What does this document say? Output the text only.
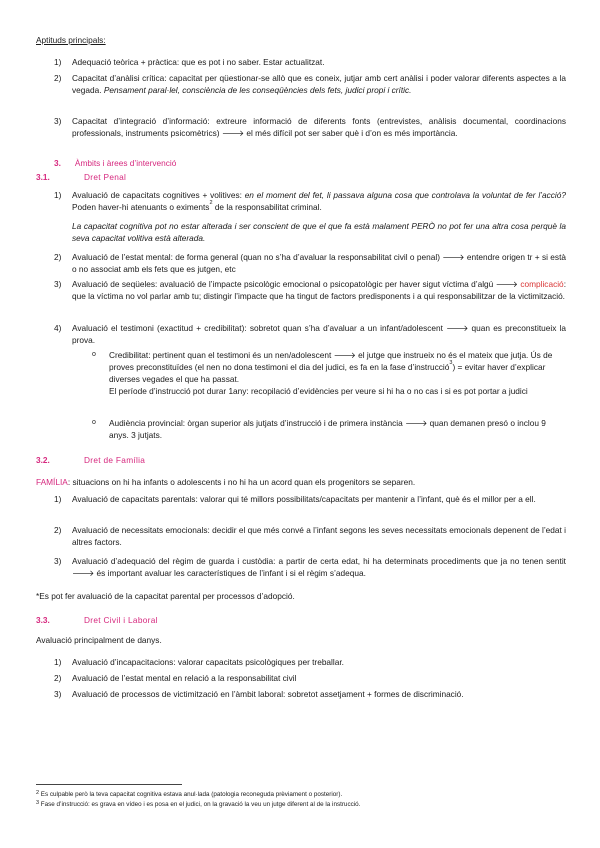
Aptituds principals:
1)	Adequació teòrica + pràctica: que es pot i no saber. Estar actualitzat.
2)	Capacitat d’anàlisi crítica: capacitat per qüestionar-se allò que es coneix, jutjar amb cert anàlisi i poder valorar diferents aspectes a la vegada. Pensament paral·lel, consciència de les conseqüències dels fets, judici propi i crític.
3)	Capacitat d’integració d’informació: extreure informació de diferents fonts (entrevistes, anàlisis documental, coordinacions professionals, instruments psicomètrics) 🡒 el més difícil pot ser saber què i d’on es més importància.
3. Àmbits i àrees d’intervenció
3.1.	Dret Penal
1)	Avaluació de capacitats cognitives + volitives: en el moment del fet, li passava alguna cosa que controlava la voluntat de fer l’acció? Poden haver-hi atenuants o eximents$^2$ de la responsabilitat criminal.
La capacitat cognitiva pot no estar alterada i ser conscient de que el que fa està malament PERÒ no pot fer una altra cosa perquè la seva capacitat volitiva està alterada.
2)	Avaluació de l’estat mental: de forma general (quan no s’ha d’avaluar la responsabilitat civil o penal) 🡒 entendre origen tr + si està o no associat amb els fets que es jutgen, etc
3)	Avaluació de seqüeles: avaluació de l’impacte psicològic emocional o psicopatològic per haver sigut víctima d’algú 🡒 complicació: que la víctima no vol parlar amb tu; distingir l’impacte que ha tingut de factors predisponents i a qui responsabilitzar de la victimització.
4)	Avaluació el testimoni (exactitud + credibilitat): sobretot quan s’ha d’avaluar a un infant/adolescent 🡒 quan es preconstitueix la prova.
o Credibilitat: pertinent quan el testimoni és un nen/adolescent 🡒 el jutge que instrueix no és el mateix que jutja. Ús de proves preconstituïdes (el nen no dona testimoni el dia del judici, es fa en la fase d’instrucció$^3$) = evitar haver d’explicar diverses vegades el que ha passat.
El període d’instrucció pot durar 1any: recopilació d’evidències per veure si hi ha o no cas i si es pot portar a judici
o Audiència provincial: òrgan superior als jutjats d’instrucció i de primera instància 🡒 quan demanen presó o inclou 9 anys. 3 jutjats.
3.2.	Dret de Família
FAMÍLIA: situacions on hi ha infants o adolescents i no hi ha un acord quan els progenitors se separen.
1)	Avaluació de capacitats parentals: valorar qui té millors possibilitats/capacitats per mantenir a l’infant, què és el millor per a ell.
2)	Avaluació de necessitats emocionals: decidir el que més convé a l’infant segons les seves necessitats emocionals depenent de l’edat i altres factors.
3)	Avaluació d’adequació del règim de guarda i custòdia: a partir de certa edat, hi ha determinats procediments que ja no tenen sentit 🡒 és important avaluar les característiques de l’infant i si el règim s’adequa.
*Es pot fer avaluació de la capacitat parental per processos d’adopció.
3.3.	Dret Civil i Laboral
Avaluació principalment de danys.
1)	Avaluació d’incapacitacions: valorar capacitats psicològiques per treballar.
2)	Avaluació de l’estat mental en relació a la responsabilitat civil
3)	Avaluació de processos de victimització en l’àmbit laboral: sobretot assetjament + formes de discriminació.
$^2$ Es culpable però la teva capacitat cognitiva estava anul·lada (patologia reconeguda prèviament o posterior).
$^3$ Fase d’instrucció: es grava en vídeo i es posa en el judici, on la gravació la veu un jutge diferent al de la instrucció.
